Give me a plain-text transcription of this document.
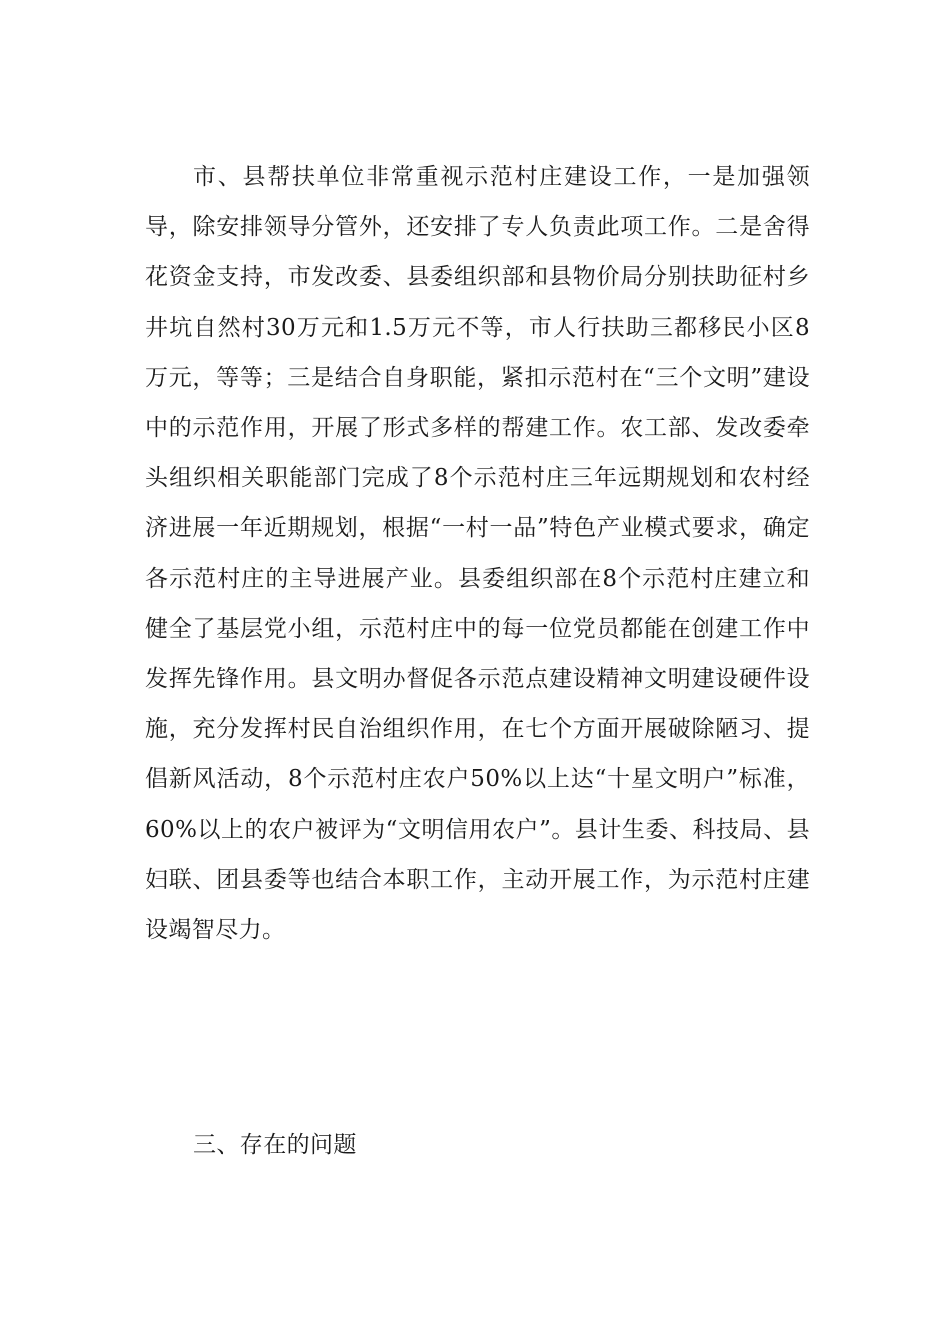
市、县帮扶单位非常重视示范村庄建设工作，一是加强领导，除安排领导分管外，还安排了专人负责此项工作。二是舍得花资金支持，市发改委、县委组织部和县物价局分别扶助征村乡井坑自然村30万元和1.5万元不等，市人行扶助三都移民小区8万元，等等；三是结合自身职能，紧扣示范村在“三个文明”建设中的示范作用，开展了形式多样的帮建工作。农工部、发改委牵头组织相关职能部门完成了8个示范村庄三年远期规划和农村经济进展一年近期规划，根据“一村一品”特色产业模式要求，确定各示范村庄的主导进展产业。县委组织部在8个示范村庄建立和健全了基层党小组，示范村庄中的每一位党员都能在创建工作中发挥先锋作用。县文明办督促各示范点建设精神文明建设硬件设施，充分发挥村民自治组织作用，在七个方面开展破除陋习、提倡新风活动，8个示范村庄农户50%以上达“十星文明户”标准，60%以上的农户被评为“文明信用农户”。县计生委、科技局、县妇联、团县委等也结合本职工作，主动开展工作，为示范村庄建设竭智尽力。

三、存在的问题
